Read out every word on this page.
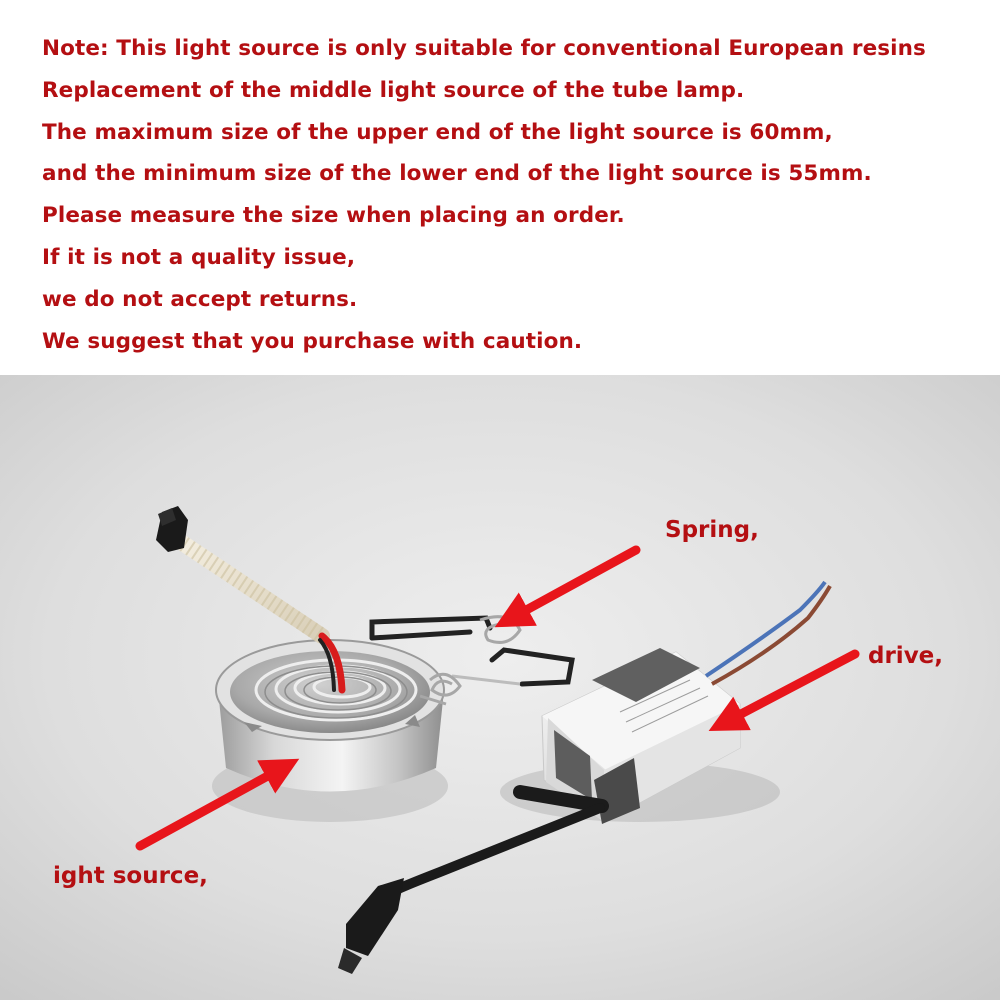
Note: This light source is only suitable for conventional European resins
Replacement of the middle light source of the tube lamp.
The maximum size of the upper end of the light source is 60mm,
and the minimum size of the lower end of the light source is 55mm.
Please measure the size when placing an order.
If it is not a quality issue,
we do not accept returns.
We suggest that you purchase with caution.
Spring,
drive,
ight source,
